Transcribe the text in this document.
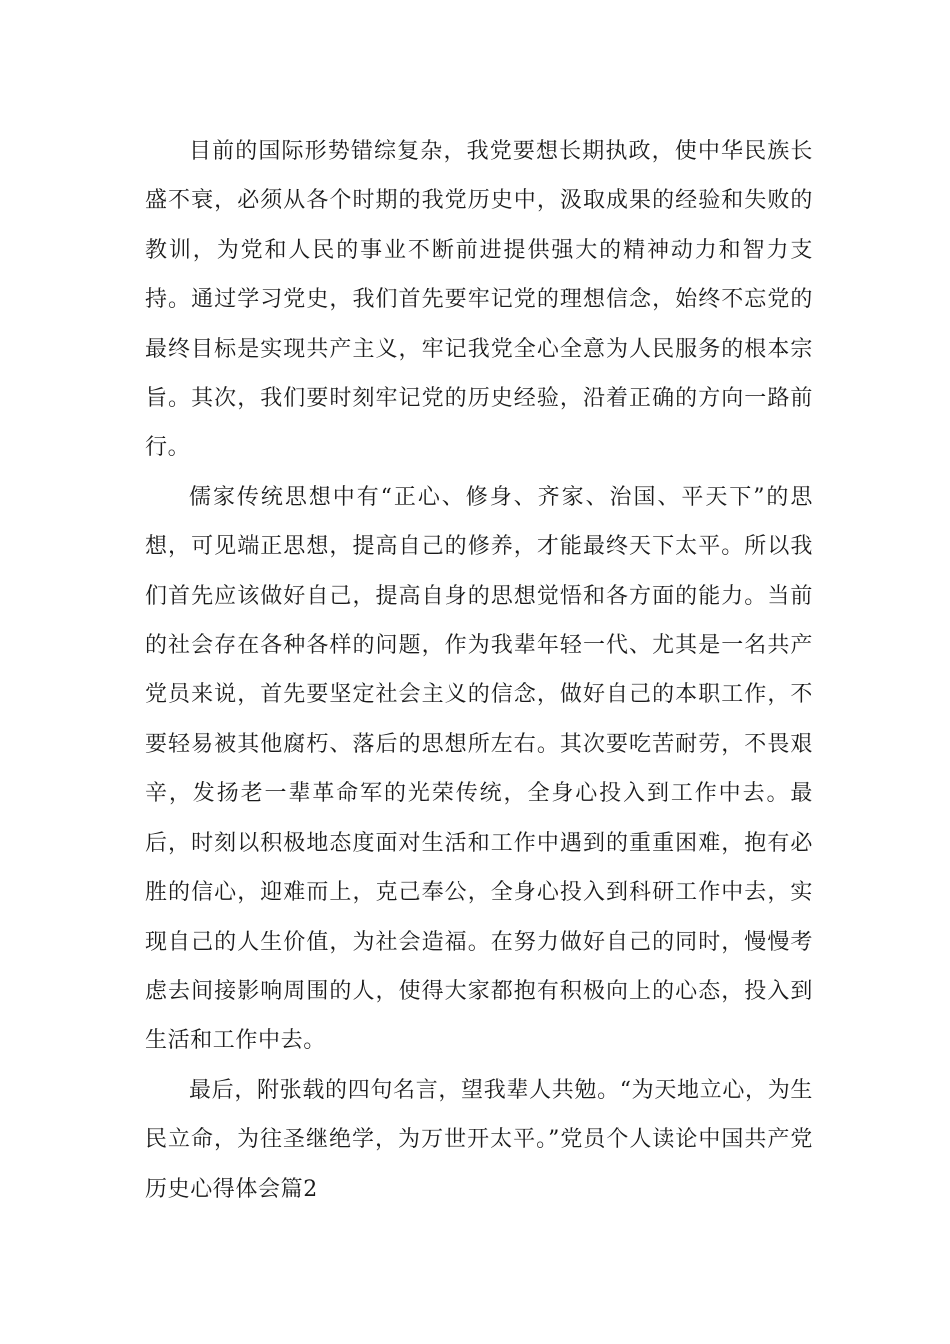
目前的国际形势错综复杂，我党要想长期执政，使中华民族长盛不衰，必须从各个时期的我党历史中，汲取成果的经验和失败的教训，为党和人民的事业不断前进提供强大的精神动力和智力支持。通过学习党史，我们首先要牢记党的理想信念，始终不忘党的最终目标是实现共产主义，牢记我党全心全意为人民服务的根本宗旨。其次，我们要时刻牢记党的历史经验，沿着正确的方向一路前行。

儒家传统思想中有“正心、修身、齐家、治国、平天下”的思想，可见端正思想，提高自己的修养，才能最终天下太平。所以我们首先应该做好自己，提高自身的思想觉悟和各方面的能力。当前的社会存在各种各样的问题，作为我辈年轻一代、尤其是一名共产党员来说，首先要坚定社会主义的信念，做好自己的本职工作，不要轻易被其他腐朽、落后的思想所左右。其次要吃苦耐劳，不畏艰辛，发扬老一辈革命军的光荣传统，全身心投入到工作中去。最后，时刻以积极地态度面对生活和工作中遇到的重重困难，抱有必胜的信心，迎难而上，克己奉公，全身心投入到科研工作中去，实现自己的人生价值，为社会造福。在努力做好自己的同时，慢慢考虑去间接影响周围的人，使得大家都抱有积极向上的心态，投入到生活和工作中去。

最后，附张载的四句名言，望我辈人共勉。“为天地立心，为生民立命，为往圣继绝学，为万世开太平。”党员个人读论中国共产党历史心得体会篇2
